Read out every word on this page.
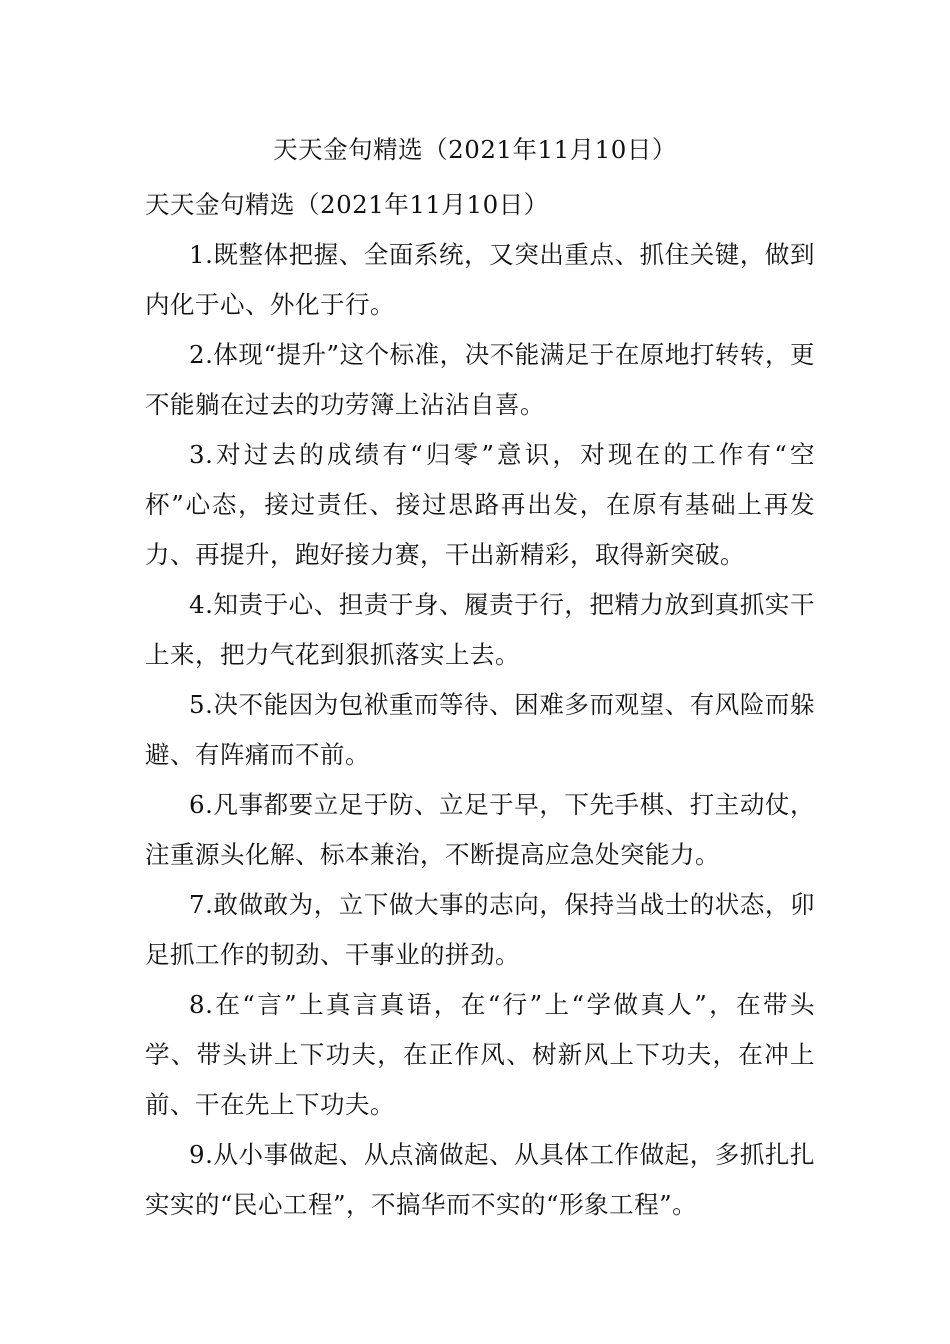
天天金句精选（2021年11月10日）

天天金句精选（2021年11月10日）

1.既整体把握、全面系统，又突出重点、抓住关键，做到内化于心、外化于行。

2.体现“提升”这个标准，决不能满足于在原地打转转，更不能躺在过去的功劳簿上沾沾自喜。

3.对过去的成绩有“归零”意识，对现在的工作有“空杯”心态，接过责任、接过思路再出发，在原有基础上再发力、再提升，跑好接力赛，干出新精彩，取得新突破。

4.知责于心、担责于身、履责于行，把精力放到真抓实干上来，把力气花到狠抓落实上去。

5.决不能因为包袱重而等待、困难多而观望、有风险而躲避、有阵痛而不前。

6.凡事都要立足于防、立足于早，下先手棋、打主动仗，注重源头化解、标本兼治，不断提高应急处突能力。

7.敢做敢为，立下做大事的志向，保持当战士的状态，卯足抓工作的韧劲、干事业的拼劲。

8.在“言”上真言真语，在“行”上“学做真人”，在带头学、带头讲上下功夫，在正作风、树新风上下功夫，在冲上前、干在先上下功夫。

9.从小事做起、从点滴做起、从具体工作做起，多抓扎扎实实的“民心工程”，不搞华而不实的“形象工程”。
